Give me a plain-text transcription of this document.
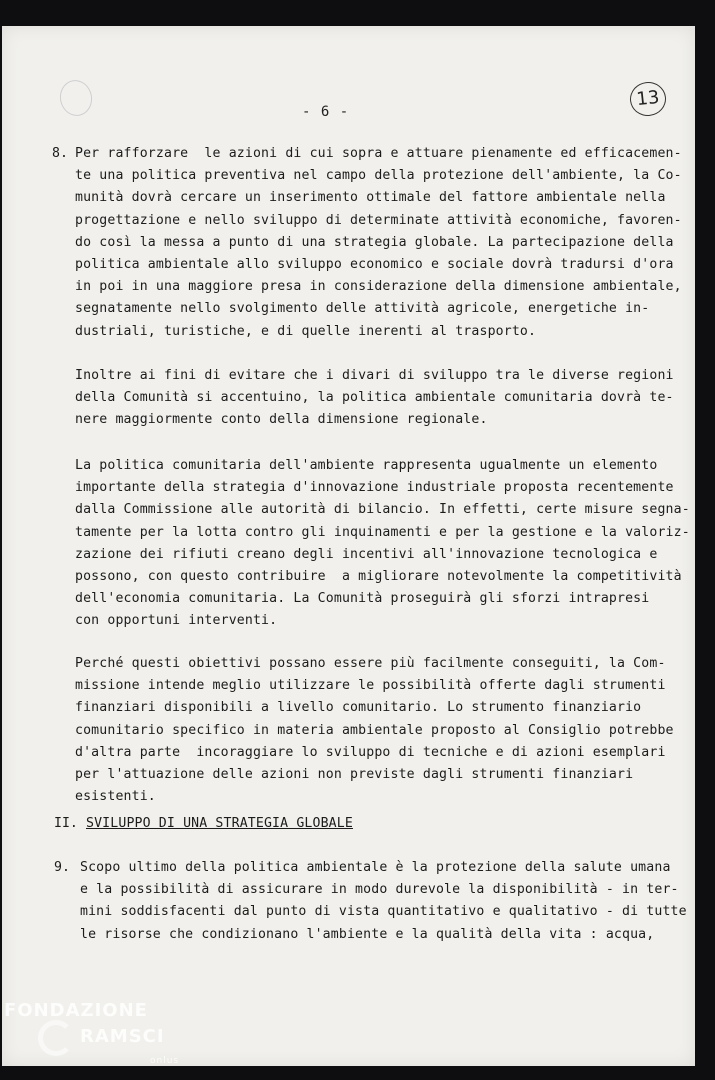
- 6 -
13
8. Per rafforzare  le azioni di cui sopra e attuare pienamente ed efficacemen-
te una politica preventiva nel campo della protezione dell'ambiente, la Co-
munità dovrà cercare un inserimento ottimale del fattore ambientale nella
progettazione e nello sviluppo di determinate attività economiche, favoren-
do così la messa a punto di una strategia globale. La partecipazione della
politica ambientale allo sviluppo economico e sociale dovrà tradursi d'ora
in poi in una maggiore presa in considerazione della dimensione ambientale,
segnatamente nello svolgimento delle attività agricole, energetiche in-
dustriali, turistiche, e di quelle inerenti al trasporto.
Inoltre ai fini di evitare che i divari di sviluppo tra le diverse regioni
della Comunità si accentuino, la politica ambientale comunitaria dovrà te-
nere maggiormente conto della dimensione regionale.
La politica comunitaria dell'ambiente rappresenta ugualmente un elemento
importante della strategia d'innovazione industriale proposta recentemente
dalla Commissione alle autorità di bilancio. In effetti, certe misure segna-
tamente per la lotta contro gli inquinamenti e per la gestione e la valoriz-
zazione dei rifiuti creano degli incentivi all'innovazione tecnologica e
possono, con questo contribuire  a migliorare notevolmente la competitività
dell'economia comunitaria. La Comunità proseguirà gli sforzi intrapresi
con opportuni interventi.
Perché questi obiettivi possano essere più facilmente conseguiti, la Com-
missione intende meglio utilizzare le possibilità offerte dagli strumenti
finanziari disponibili a livello comunitario. Lo strumento finanziario
comunitario specifico in materia ambientale proposto al Consiglio potrebbe
d'altra parte  incoraggiare lo sviluppo di tecniche e di azioni esemplari
per l'attuazione delle azioni non previste dagli strumenti finanziari
esistenti.
II. SVILUPPO DI UNA STRATEGIA GLOBALE
9. Scopo ultimo della politica ambientale è la protezione della salute umana
e la possibilità di assicurare in modo durevole la disponibilità - in ter-
mini soddisfacenti dal punto di vista quantitativo e qualitativo - di tutte
le risorse che condizionano l'ambiente e la qualità della vita : acqua,
FONDAZIONE
RAMSCI
onlus
